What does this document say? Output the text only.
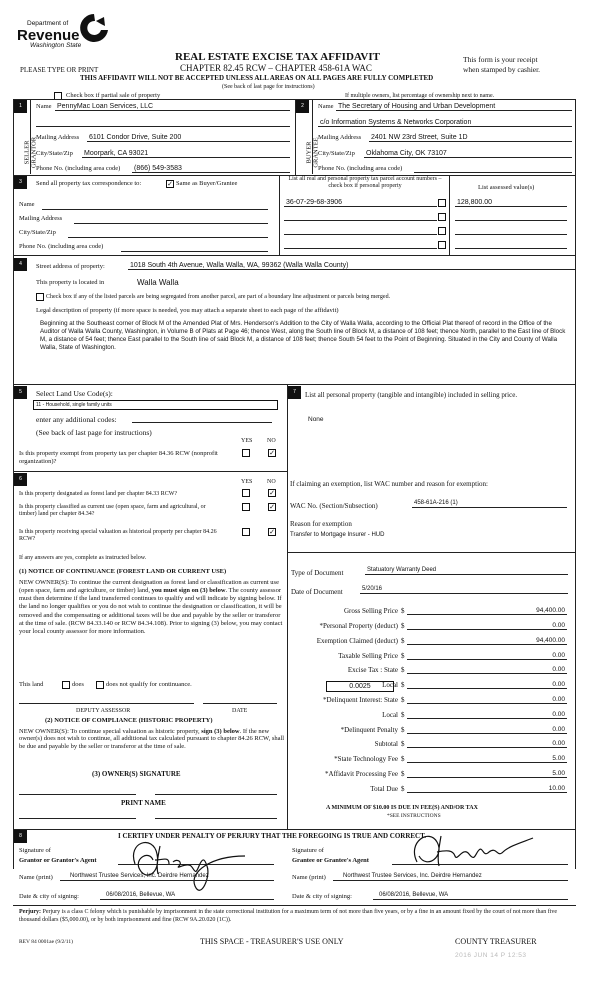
Department of
Revenue
Washington State
REAL ESTATE EXCISE TAX AFFIDAVIT
CHAPTER 82.45 RCW – CHAPTER 458-61A WAC
PLEASE TYPE OR PRINT
This form is your receipt
when stamped by cashier.
THIS AFFIDAVIT WILL NOT BE ACCEPTED UNLESS ALL AREAS ON ALL PAGES ARE FULLY COMPLETED
(See back of last page for instructions)
Check box if partial sale of property	If multiple owners, list percentage of ownership next to name.
1
SELLER GRANTOR
Name PennyMac Loan Services, LLC
Mailing Address 6101 Condor Drive, Suite 200
City/State/Zip Moorpark, CA 93021
Phone No. (including area code) (866) 549-3583
2
BUYER GRANTEE
Name The Secretary of Housing and Urban Development
c/o Information Systems & Networks Corporation
Mailing Address 2401 NW 23rd Street, Suite 1D
City/State/Zip Oklahoma City, OK 73107
Phone No. (including area code)
3	Send all property tax correspondence to:	✓ Same as Buyer/Grantee
Name
Mailing Address
City/State/Zip
Phone No. (including area code)
List all real and personal property tax parcel account numbers – check box if personal property	List assessed value(s)
36-07-29-68-3906	128,800.00
4	Street address of property:	1018 South 4th Avenue, Walla Walla, WA, 99362 (Walla Walla County)
This property is located in	Walla Walla
Check box if any of the listed parcels are being segregated from another parcel, are part of a boundary line adjustment or parcels being merged.
Legal description of property (if more space is needed, you may attach a separate sheet to each page of the affidavit)
Beginning at the Southeast corner of Block M of the Amended Plat of Mrs. Henderson's Addition to the City of Walla Walla, according to the Official Plat thereof of record in the Office of the Auditor of Walla Walla County, Washington, in Volume B of Plats at Page 46; thence West, along the South line of Block M, a distance of 108 feet; thence North, parallel to the East line of Block M, a distance of 54 feet; thence East parallel to the South line of said Block M, a distance of 108 feet; thence South 54 feet to the Point of Beginning. Situated in the City and County of Walla Walla, State of Washington.
5	Select Land Use Code(s):
11 - Household, single family units
enter any additional codes:
(See back of last page for instructions)
YES NO
Is this property exempt from property tax per chapter 84.36 RCW (nonprofit organization)?
✓
6	YES NO
Is this property designated as forest land per chapter 84.33 RCW?	✓
Is this property classified as current use (open space, farm and agricultural, or timber) land per chapter 84.34?
✓
Is this property receiving special valuation as historical property per chapter 84.26 RCW?
✓
If any answers are yes, complete as instructed below.
(1) NOTICE OF CONTINUANCE (FOREST LAND OR CURRENT USE)
NEW OWNER(S): To continue the current designation as forest land or classification as current use (open space, farm and agriculture, or timber) land, you must sign on (3) below. The county assessor must then determine if the land transferred continues to qualify and will indicate by signing below. If the land no longer qualifies or you do not wish to continue the designation or classification, it will be removed and the compensating or additional taxes will be due and payable by the seller or transferor at the time of sale. (RCW 84.33.140 or RCW 84.34.108). Prior to signing (3) below, you may contact your local county assessor for more information.
This land	does	does not qualify for continuance.
DEPUTY ASSESSOR	DATE
(2) NOTICE OF COMPLIANCE (HISTORIC PROPERTY)
NEW OWNER(S): To continue special valuation as historic property, sign (3) below. If the new owner(s) does not wish to continue, all additional tax calculated pursuant to chapter 84.26 RCW, shall be due and payable by the seller or transferor at the time of sale.
(3) OWNER(S) SIGNATURE
PRINT NAME
7	List all personal property (tangible and intangible) included in selling price.
None
If claiming an exemption, list WAC number and reason for exemption:
WAC No. (Section/Subsection)	458-61A-216 (1)
Reason for exemption
Transfer to Mortgage Insurer - HUD
Type of Document	Statuatory Warranty Deed
Date of Document	5/20/16
Gross Selling Price $	94,400.00
*Personal Property (deduct) $	0.00
Exemption Claimed (deduct) $	94,400.00
Taxable Selling Price $	0.00
Excise Tax : State $	0.00
Local $	0.00
*Delinquent Interest: State $	0.00
Local $	0.00
*Delinquent Penalty $	0.00
Subtotal $	0.00
*State Technology Fee $	5.00
*Affidavit Processing Fee $	5.00
Total Due $	10.00
0.0025
A MINIMUM OF $10.00 IS DUE IN FEE(S) AND/OR TAX
*SEE INSTRUCTIONS
8	I CERTIFY UNDER PENALTY OF PERJURY THAT THE FOREGOING IS TRUE AND CORRECT.
Signature of
Grantor or Grantor's Agent
Name (print)	Northwest Trustee Services, Inc. Deirdre Hernandez
Date & city of signing:	06/08/2016, Bellevue, WA
Signature of
Grantee or Grantee's Agent
Name (print)	Northwest Trustee Services, Inc. Deirdre Hernandez
Date & city of signing:	06/08/2016, Bellevue, WA
Perjury: Perjury is a class C felony which is punishable by imprisonment in the state correctional institution for a maximum term of not more than five years, or by a fine in an amount fixed by the court of not more than five thousand dollars ($5,000.00), or by both imprisonment and fine (RCW 9A.20.020 (1C)).
REV 84 0001ae (9/2/11)	THIS SPACE - TREASURER'S USE ONLY	COUNTY TREASURER
2016 JUN 14 P 12:53
